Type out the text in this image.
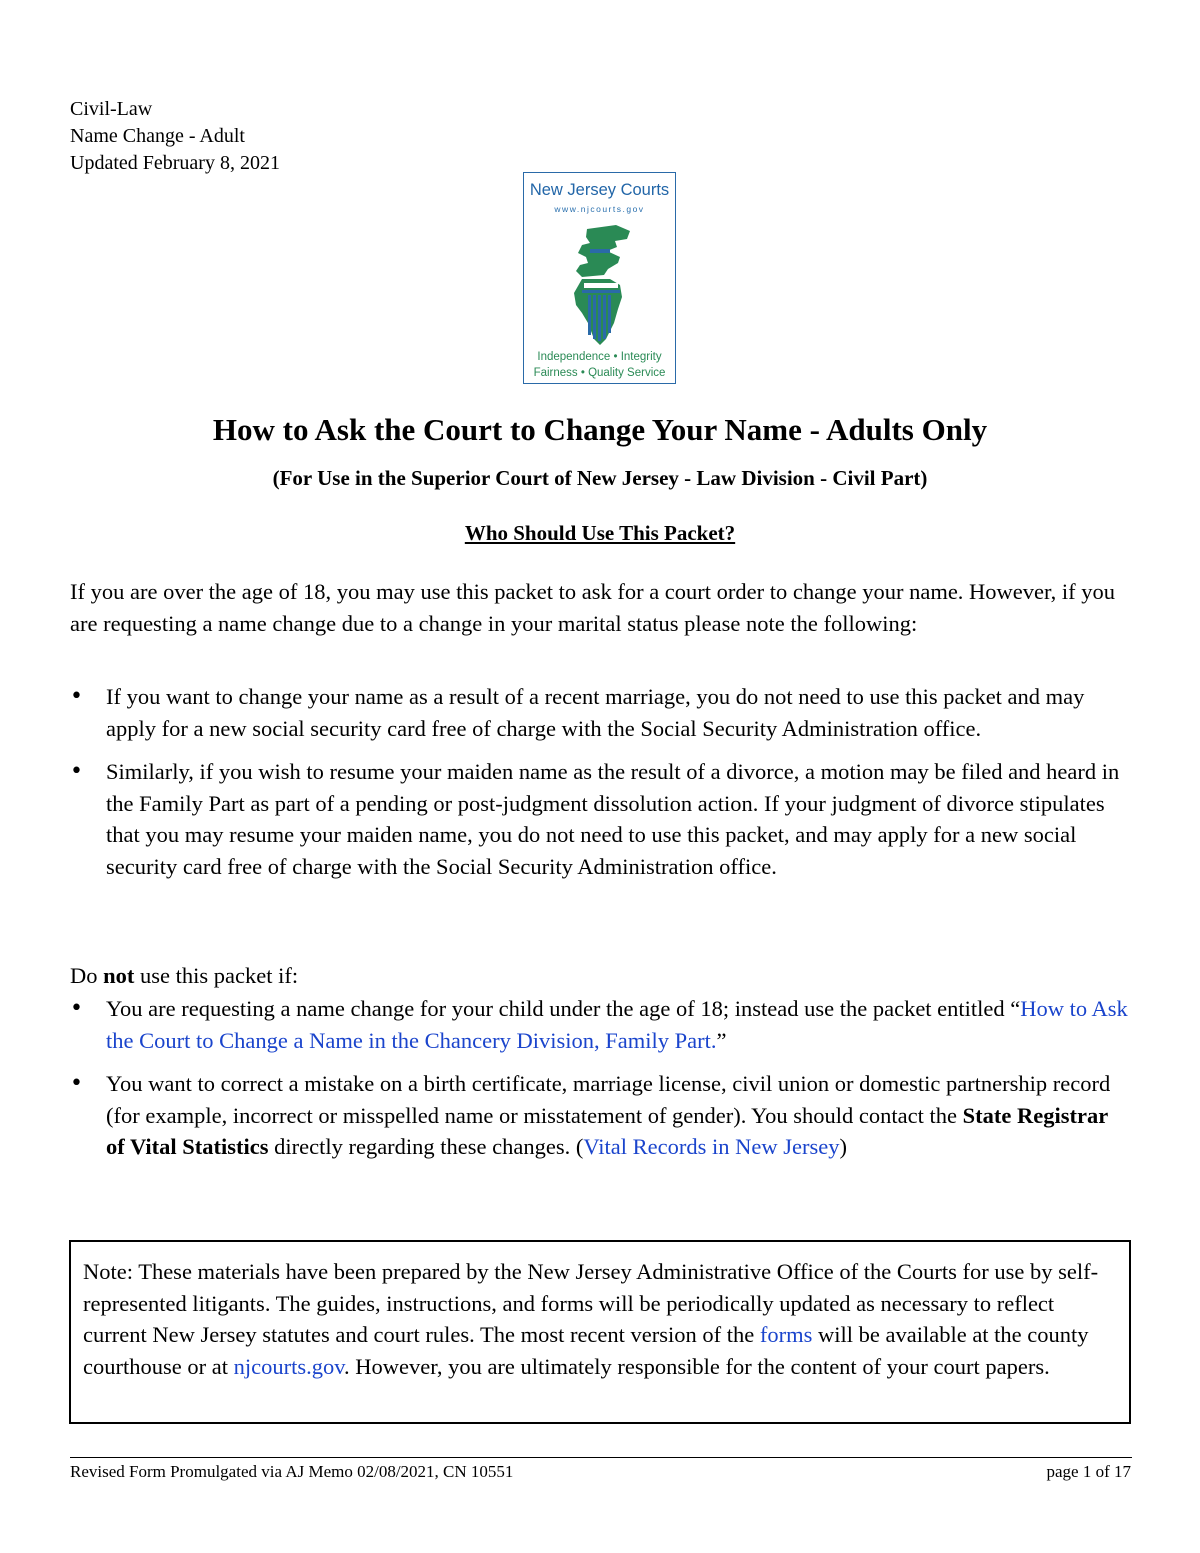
Civil-Law
Name Change - Adult
Updated February 8, 2021
New Jersey Courts
www.njcourts.gov
Independence • Integrity
Fairness • Quality Service
How to Ask the Court to Change Your Name - Adults Only
(For Use in the Superior Court of New Jersey - Law Division - Civil Part)
Who Should Use This Packet?

If you are over the age of 18, you may use this packet to ask for a court order to change your name. However, if you are requesting a name change due to a change in your marital status please note the following:

• If you want to change your name as a result of a recent marriage, you do not need to use this packet and may apply for a new social security card free of charge with the Social Security Administration office.
• Similarly, if you wish to resume your maiden name as the result of a divorce, a motion may be filed and heard in the Family Part as part of a pending or post-judgment dissolution action. If your judgment of divorce stipulates that you may resume your maiden name, you do not need to use this packet, and may apply for a new social security card free of charge with the Social Security Administration office.

Do not use this packet if:

• You are requesting a name change for your child under the age of 18; instead use the packet entitled “How to Ask the Court to Change a Name in the Chancery Division, Family Part.”
• You want to correct a mistake on a birth certificate, marriage license, civil union or domestic partnership record (for example, incorrect or misspelled name or misstatement of gender). You should contact the State Registrar of Vital Statistics directly regarding these changes. (Vital Records in New Jersey)
Note: These materials have been prepared by the New Jersey Administrative Office of the Courts for use by self-represented litigants. The guides, instructions, and forms will be periodically updated as necessary to reflect current New Jersey statutes and court rules. The most recent version of the forms will be available at the county courthouse or at njcourts.gov. However, you are ultimately responsible for the content of your court papers.
Revised Form Promulgated via AJ Memo 02/08/2021, CN 10551	page 1 of 17
